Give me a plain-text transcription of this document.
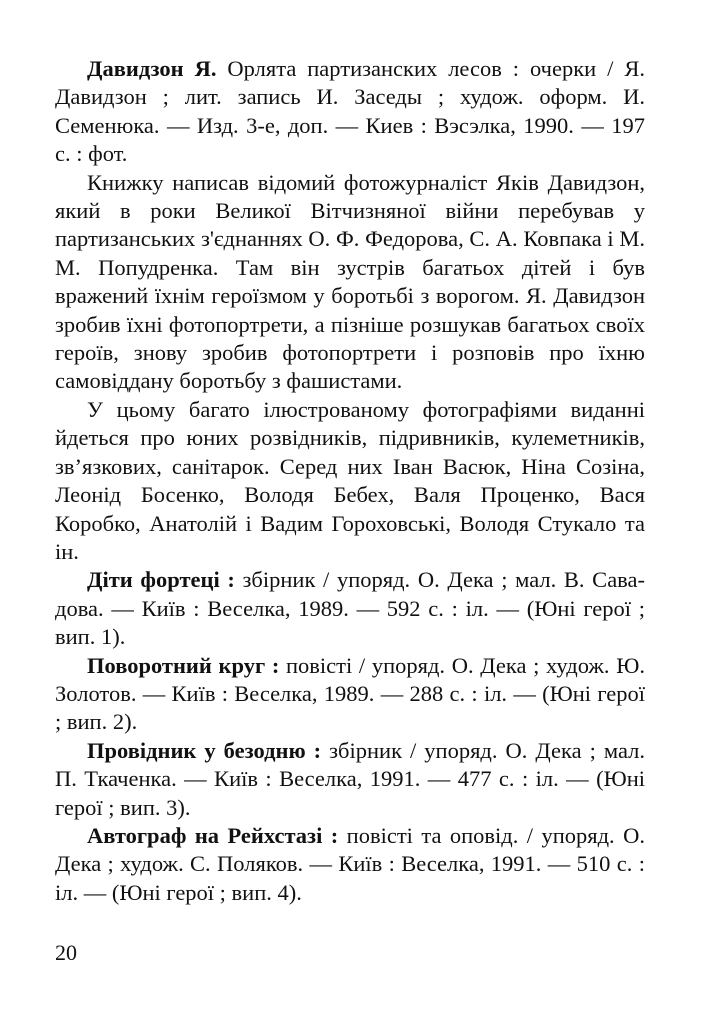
Давидзон Я. Орлята партизанских лесов : очерки / Я. Давидзон ; лит. запись И. Заседы ; худож. оформ. И. Семенюка. — Изд. 3-е, доп. — Киев : Вэсэлка, 1990. — 197 с. : фот.

Книжку написав відомий фотожурналіст Яків Давидзон, який в роки Великої Вітчизняної війни перебував у партизанських з'єднаннях О. Ф. Федорова, С. А. Ковпака і М. М. Попудренка. Там він зустрів багатьох дітей і був вражений їхнім героїзмом у боротьбі з ворогом. Я. Давидзон зробив їхні фотопортрети, а пізніше розшукав багатьох своїх героїв, знову зробив фотопортрети і розповів про їхню самовіддану боротьбу з фашистами.

У цьому багато ілюстрованому фотографіями виданні йдеться про юних розвідників, підривників, кулеметників, зв’язкових, санітарок. Серед них Іван Васюк, Ніна Созіна, Леонід Босенко, Володя Бебех, Валя Проценко, Вася Коробко, Анатолій і Вадим Гороховські, Володя Стукало та ін.

Діти фортеці : збірник / упоряд. О. Дека ; мал. В. Савадова. — Київ : Веселка, 1989. — 592 с. : іл. — (Юні герої ; вип. 1).

Поворотний круг : повісті / упоряд. О. Дека ; худож. Ю. Золотов. — Київ : Веселка, 1989. — 288 с. : іл. — (Юні герої ; вип. 2).

Провідник у безодню : збірник / упоряд. О. Дека ; мал. П. Ткаченка. — Київ : Веселка, 1991. — 477 с. : іл. — (Юні герої ; вип. 3).

Автограф на Рейхстазі : повісті та оповід. / упоряд. О. Дека ; худож. С. Поляков. — Київ : Веселка, 1991. — 510 с. : іл. — (Юні герої ; вип. 4).

20
